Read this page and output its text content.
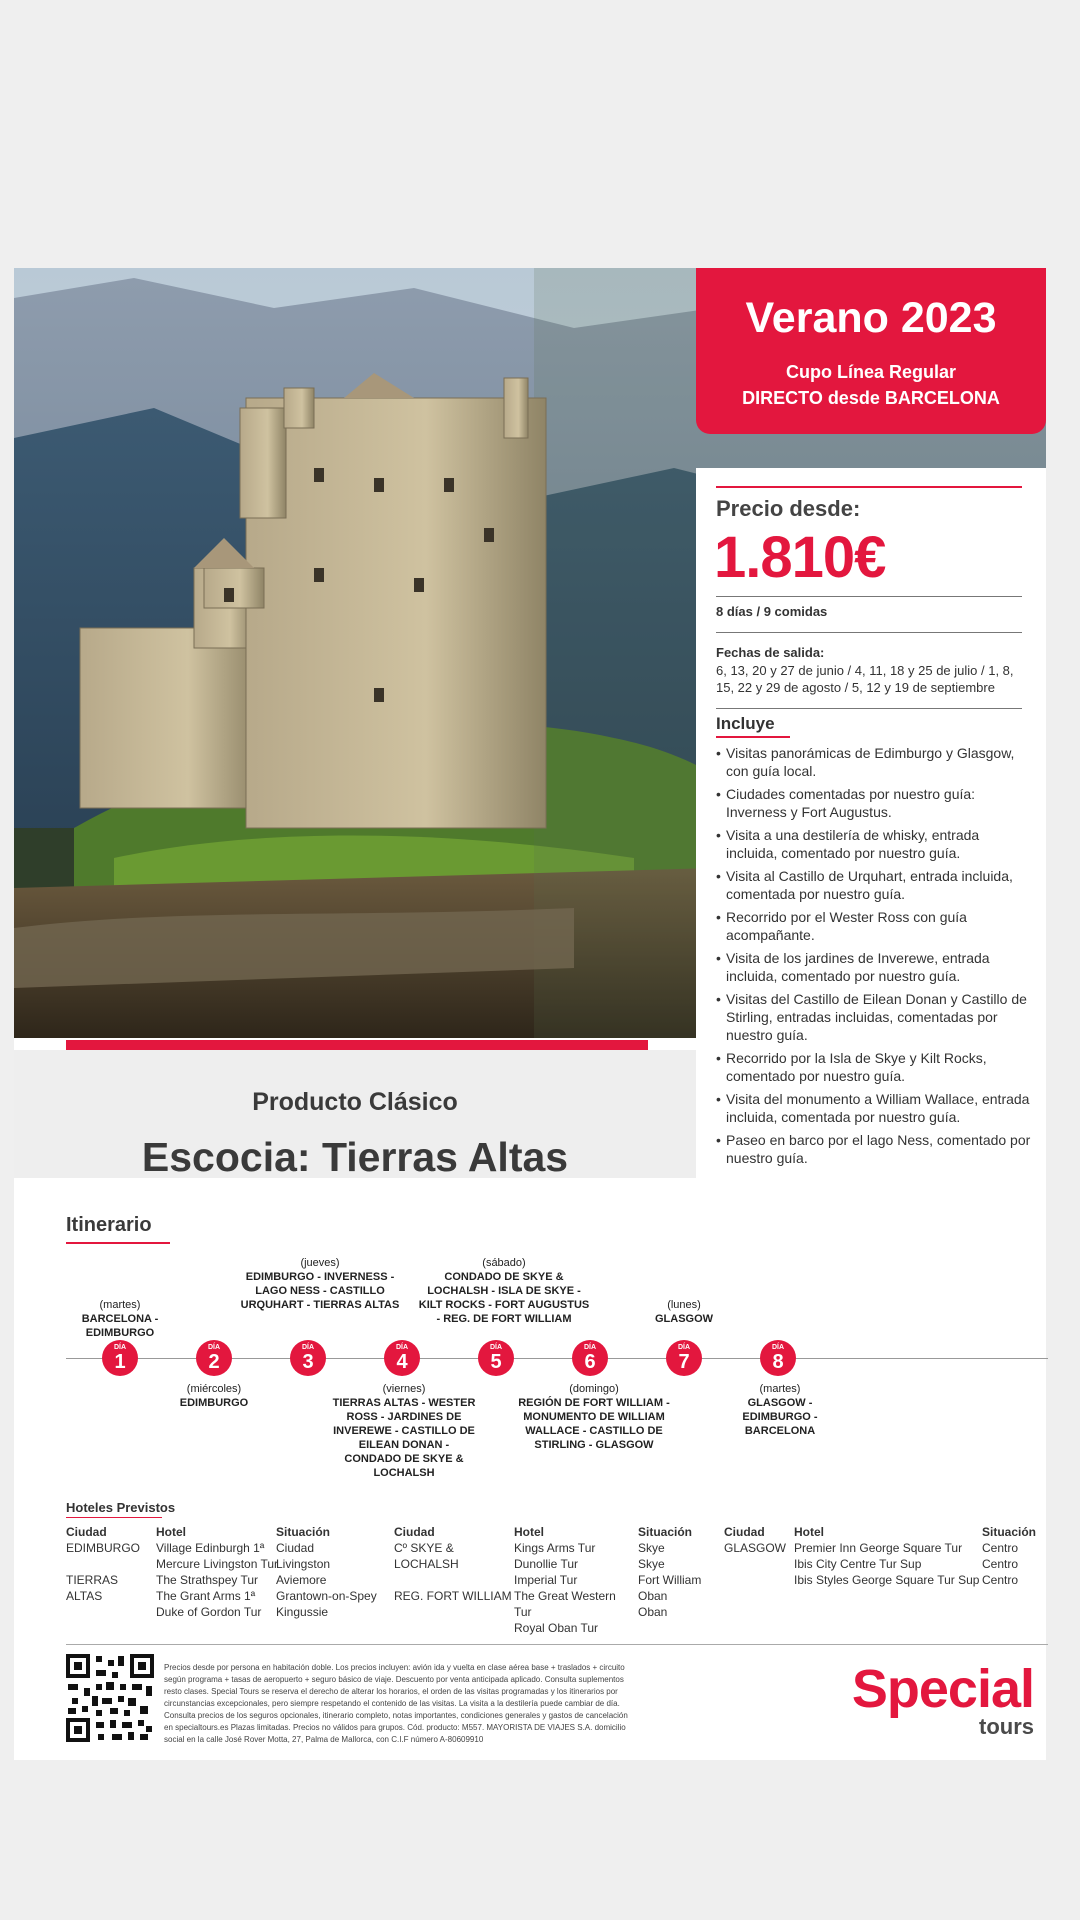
Producto Clásico
Escocia: Tierras Altas
Verano 2023
Cupo Línea Regular
DIRECTO desde BARCELONA
Precio desde:
1.810€
8 días / 9 comidas
Fechas de salida:
6, 13, 20 y 27 de junio / 4, 11, 18 y 25 de julio / 1, 8, 15, 22 y 29 de agosto / 5, 12 y 19 de septiembre
Incluye
• Visitas panorámicas de Edimburgo y Glasgow, con guía local.
• Ciudades comentadas por nuestro guía: Inverness y Fort Augustus.
• Visita a una destilería de whisky, entrada incluida, comentado por nuestro guía.
• Visita al Castillo de Urquhart, entrada incluida, comentada por nuestro guía.
• Recorrido por el Wester Ross con guía acompañante.
• Visita de los jardines de Inverewe, entrada incluida, comentado por nuestro guía.
• Visitas del Castillo de Eilean Donan y Castillo de Stirling, entradas incluidas, comentadas por nuestro guía.
• Recorrido por la Isla de Skye y Kilt Rocks, comentado por nuestro guía.
• Visita del monumento a William Wallace, entrada incluida, comentada por nuestro guía.
• Paseo en barco por el lago Ness, comentado por nuestro guía.
Itinerario
DÍA
1
DÍA
2
DÍA
3
DÍA
4
DÍA
5
DÍA
6
DÍA
7
DÍA
8
(martes)
BARCELONA - EDIMBURGO
(jueves)
EDIMBURGO - INVERNESS - LAGO NESS - CASTILLO URQUHART - TIERRAS ALTAS
(sábado)
CONDADO DE SKYE & LOCHALSH - ISLA DE SKYE - KILT ROCKS - FORT AUGUSTUS - REG. DE FORT WILLIAM
(lunes)
GLASGOW
(miércoles)
EDIMBURGO
(viernes)
TIERRAS ALTAS - WESTER ROSS - JARDINES DE INVEREWE - CASTILLO DE EILEAN DONAN - CONDADO DE SKYE & LOCHALSH
(domingo)
REGIÓN DE FORT WILLIAM - MONUMENTO DE WILLIAM WALLACE - CASTILLO DE STIRLING - GLASGOW
(martes)
GLASGOW - EDIMBURGO - BARCELONA
Hoteles Previstos
Ciudad
EDIMBURGO

TIERRAS ALTAS
Hotel
Village Edinburgh 1ª
Mercure Livingston Tur
The Strathspey Tur
The Grant Arms 1ª
Duke of Gordon Tur
Situación
Ciudad
Livingston
Aviemore
Grantown-on-Spey
Kingussie
Ciudad
Cº SKYE & LOCHALSH

REG. FORT WILLIAM
Hotel
Kings Arms Tur
Dunollie Tur
Imperial Tur
The Great Western Tur
Royal Oban Tur
Situación
Skye
Skye
Fort William
Oban
Oban
Ciudad
GLASGOW
Hotel
Premier Inn George Square Tur
Ibis City Centre Tur Sup
Ibis Styles George Square Tur Sup
Situación
Centro
Centro
Centro
Precios desde por persona en habitación doble. Los precios incluyen: avión ida y vuelta en clase aérea base + traslados + circuito según programa + tasas de aeropuerto + seguro básico de viaje. Descuento por venta anticipada aplicado. Consulta suplementos resto clases. Special Tours se reserva el derecho de alterar los horarios, el orden de las visitas programadas y los itinerarios por circunstancias excepcionales, pero siempre respetando el contenido de las visitas. La visita a la destilería puede cambiar de día. Consulta precios de los seguros opcionales, itinerario completo, notas importantes, condiciones generales y gastos de cancelación en specialtours.es Plazas limitadas. Precios no válidos para grupos. Cód. producto: M557. MAYORISTA DE VIAJES S.A. domicilio social en la calle José Rover Motta, 27, Palma de Mallorca, con C.I.F número A-80609910
Special
tours
